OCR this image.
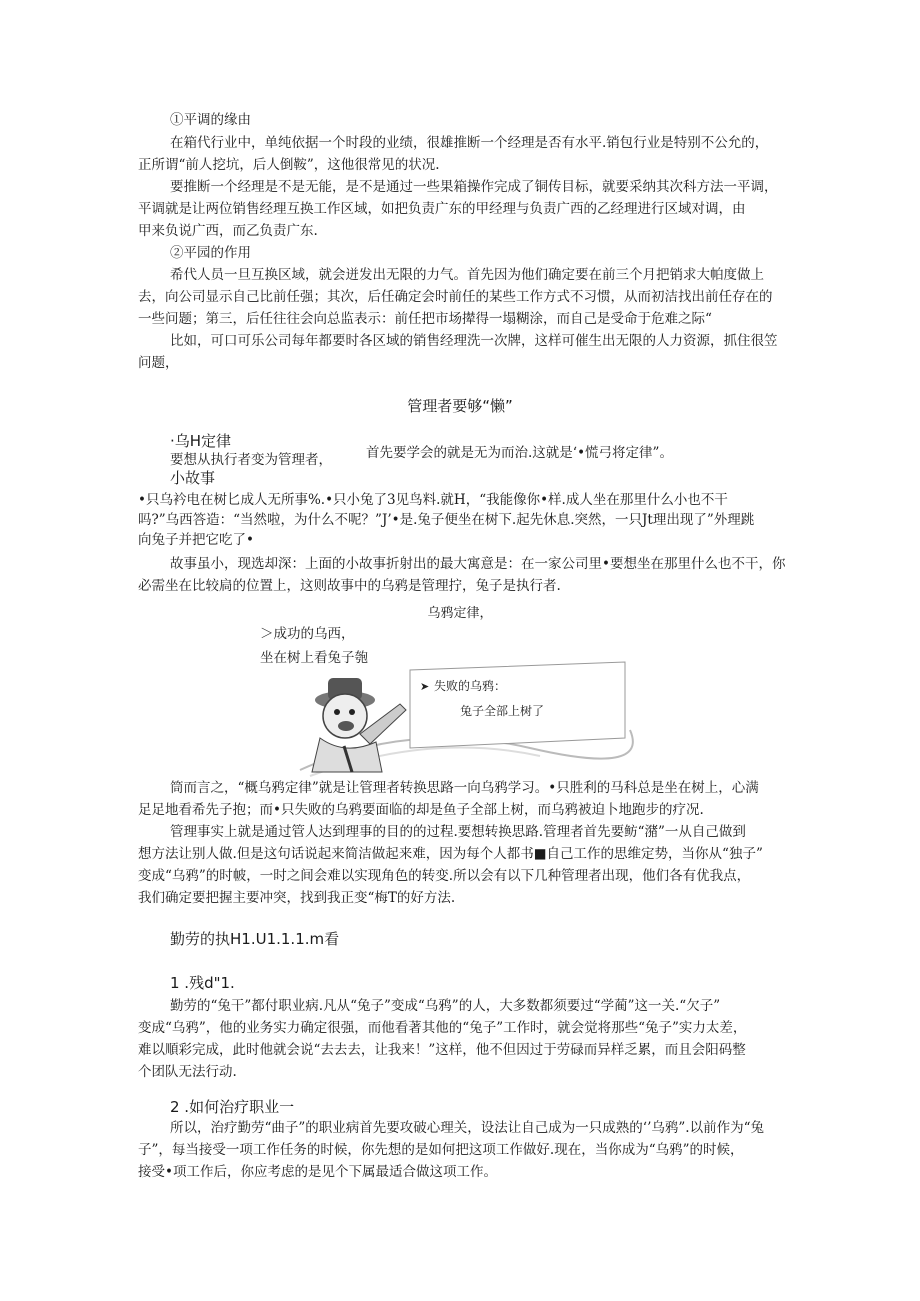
①平调的缘由
在箱代行业中，单纯依据一个时段的业绩，很雄推断一个经理是否有水平.销包行业是特别不公允的，
正所谓“前人挖坑，后人倒鞍”，这他很常见的状况.
要推断一个经理是不是无能，是不是通过一些果箱操作完成了铜传目标，就要采纳其次科方法一平调，
平调就是让两位销售经理互换工作区域，如把负责广东的甲经理与负责广西的乙经理进行区域对调，由
甲来负说广西，而乙负责广东.
②平园的作用
希代人员一旦互换区域，就会迸发出无限的力气。首先因为他们确定要在前三个月把销求大帕度做上
去，向公司显示自己比前任强；其次，后任确定会时前任的某些工作方式不习惯，从而初洁找出前任存在的
一些问题；第三，后任往往会向总监表示：前任把市场撵得一塌糊涂，而自己是受命于危难之际“
比如，可口可乐公司每年都要时各区域的销售经理洗一次牌，这样可催生出无限的人力资源，抓住很笠
问题，
管理者要够“懒”
·乌H定律
要想从执行者变为管理者，	首先要学会的就是无为而治.这就是‘•慌弓将定律”。
小故事
•只乌衿电在树匕成人无所事%.•只小兔了3见鸟料.就H，“我能像你•样.成人坐在那里什么小也不干
吗?”乌西答造：“当然啦，为什么不呢？”J’•是.兔子便坐在树下.起先休息.突然，一只Jt理出现了”外理跳
向兔子并把它吃了•
故事虽小，现选却深：上面的小故事折射出的最大寓意是：在一家公司里•要想坐在那里什么也不干，你
必需坐在比较扃的位置上，这则故事中的乌鸦是管理拧，兔子是执行者.
乌鸦定律，
＞成功的乌西，
坐在树上看兔子匏
➤ 失败的乌鸦：
兔子全部上树了
筒而言之，“概乌鸦定律”就是让管理者转换思路一向乌鸦学习。•只胜利的马科总是坐在树上，心满
足足地看希先子抱；而•只失败的乌鸦要面临的却是鱼子全部上树，而乌鸦被迫卜地跑步的疗况.
管理事实上就是通过管人达到理事的目的的过程.要想转换思路.管理者首先要鲂“潴”一从自己做到
想方法让别人做.但是这句话说起来简洁做起来难，因为每个人都书■自己工作的思维定势，当你从“独子”
变成“乌鸦”的时帔，一时之间会难以实现角色的转变.所以会有以下几种管理者出现，他们各有优我点，
我们确定要把握主要冲突，找到我正变“梅T的好方法.
勤劳的执H1.U1.1.1.m看
1 .残d"1.
勤劳的“兔干”都付职业病.凡从“兔子”变成“乌鸦”的人，大多数都须要过“学蔺”这一关.“欠子”
变成“乌鸦”，他的业务实力确定很强，而他看著其他的“兔子”工作时，就会觉将那些“兔子”实力太差，
难以順彩完成，此时他就会说“去去去，让我来！”这样，他不但因过于劳碌而异样乏累，而且会阳码整
个团队无法行动.
2 .如何治疗职业一
所以，治疗勤劳“曲子”的职业病首先要攻破心理关，设法让自己成为一只成熟的‘’乌鸦”.以前作为“兔
子”，每当接受一项工作任务的时候，你先想的是如何把这项工作做好.现在，当你成为“乌鸦”的时候，
接受•项工作后，你应考虑的是见个下属最适合做这项工作。
